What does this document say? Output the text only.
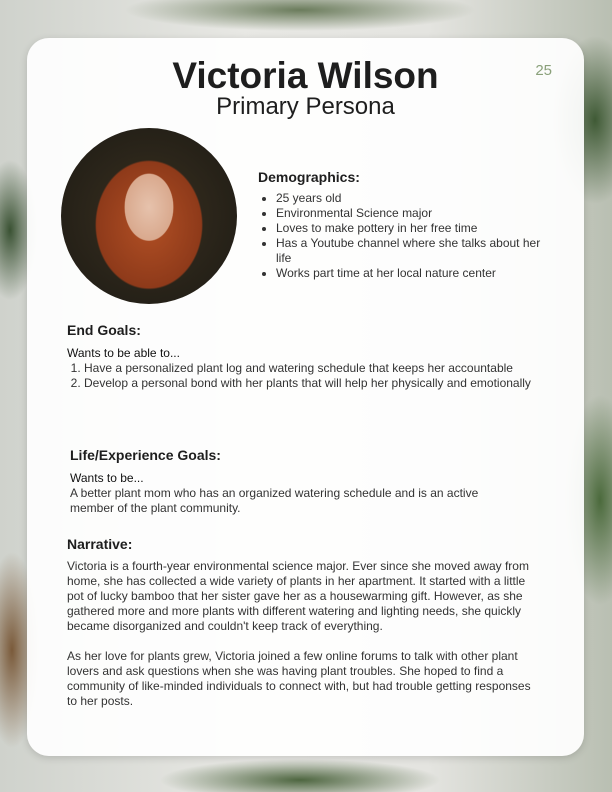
Victoria Wilson
Primary Persona
25
Demographics:
• 25 years old
• Environmental Science major
• Loves to make pottery in her free time
• Has a Youtube channel where she talks about her life
• Works part time at her local nature center
End Goals:

Wants to be able to...

1. Have a personalized plant log and watering schedule that keeps her accountable
2. Develop a personal bond with her plants that will help her physically and emotionally
Life/Experience Goals:

Wants to be...

A better plant mom who has an organized watering schedule and is an active member of the plant community.

Narrative:

Victoria is a fourth-year environmental science major. Ever since she moved away from home, she has collected a wide variety of plants in her apartment. It started with a little pot of lucky bamboo that her sister gave her as a housewarming gift. However, as she gathered more and more plants with different watering and lighting needs, she quickly became disorganized and couldn't keep track of everything.

As her love for plants grew, Victoria joined a few online forums to talk with other plant lovers and ask questions when she was having plant troubles. She hoped to find a community of like-minded individuals to connect with, but had trouble getting responses to her posts.
